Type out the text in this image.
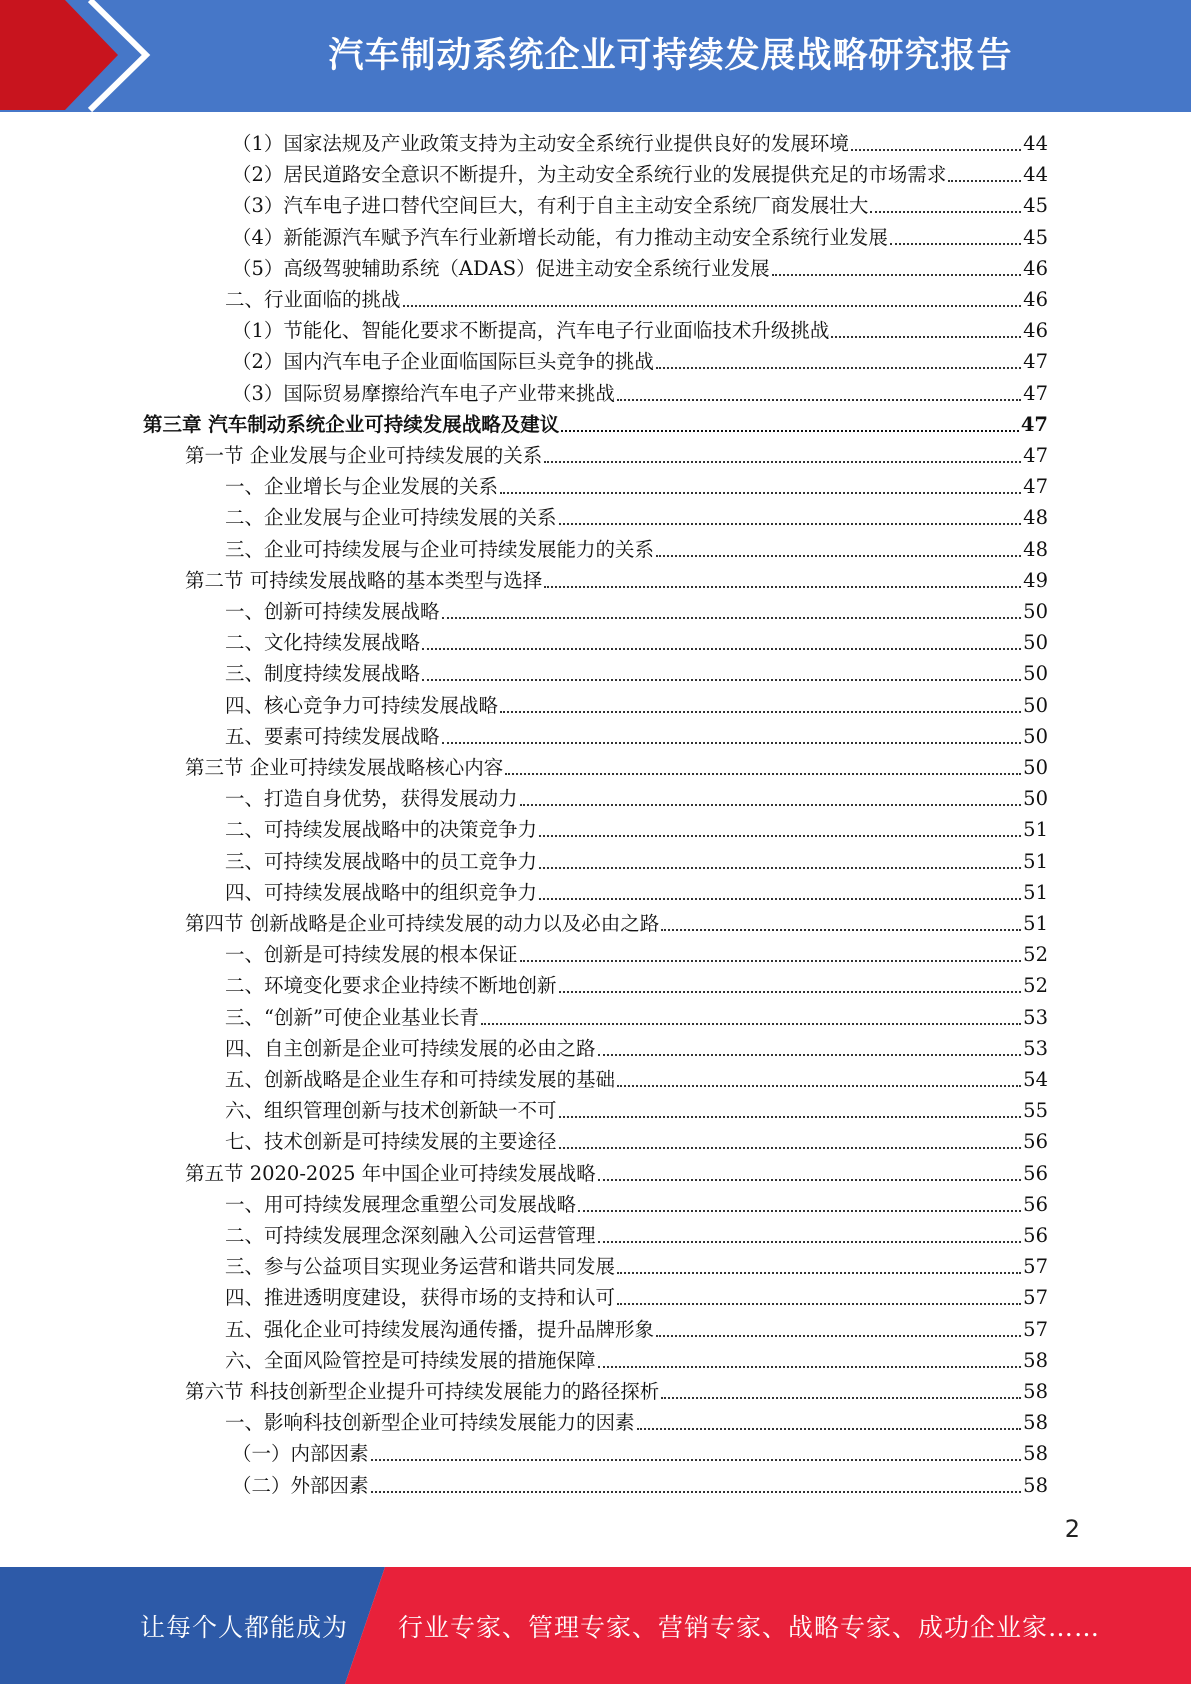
汽车制动系统企业可持续发展战略研究报告
（1）国家法规及产业政策支持为主动安全系统行业提供良好的发展环境	44
（2）居民道路安全意识不断提升，为主动安全系统行业的发展提供充足的市场需求	44
（3）汽车电子进口替代空间巨大，有利于自主主动安全系统厂商发展壮大	45
（4）新能源汽车赋予汽车行业新增长动能，有力推动主动安全系统行业发展	45
（5）高级驾驶辅助系统（ADAS）促进主动安全系统行业发展	46
二、行业面临的挑战	46
（1）节能化、智能化要求不断提高，汽车电子行业面临技术升级挑战	46
（2）国内汽车电子企业面临国际巨头竞争的挑战	47
（3）国际贸易摩擦给汽车电子产业带来挑战	47
第三章 汽车制动系统企业可持续发展战略及建议	47
第一节 企业发展与企业可持续发展的关系	47
一、企业增长与企业发展的关系	47
二、企业发展与企业可持续发展的关系	48
三、企业可持续发展与企业可持续发展能力的关系	48
第二节 可持续发展战略的基本类型与选择	49
一、创新可持续发展战略	50
二、文化持续发展战略	50
三、制度持续发展战略	50
四、核心竞争力可持续发展战略	50
五、要素可持续发展战略	50
第三节 企业可持续发展战略核心内容	50
一、打造自身优势，获得发展动力	50
二、可持续发展战略中的决策竞争力	51
三、可持续发展战略中的员工竞争力	51
四、可持续发展战略中的组织竞争力	51
第四节 创新战略是企业可持续发展的动力以及必由之路	51
一、创新是可持续发展的根本保证	52
二、环境变化要求企业持续不断地创新	52
三、“创新”可使企业基业长青	53
四、自主创新是企业可持续发展的必由之路	53
五、创新战略是企业生存和可持续发展的基础	54
六、组织管理创新与技术创新缺一不可	55
七、技术创新是可持续发展的主要途径	56
第五节 2020-2025 年中国企业可持续发展战略	56
一、用可持续发展理念重塑公司发展战略	56
二、可持续发展理念深刻融入公司运营管理	56
三、参与公益项目实现业务运营和谐共同发展	57
四、推进透明度建设，获得市场的支持和认可	57
五、强化企业可持续发展沟通传播，提升品牌形象	57
六、全面风险管控是可持续发展的措施保障	58
第六节 科技创新型企业提升可持续发展能力的路径探析	58
一、影响科技创新型企业可持续发展能力的因素	58
（一）内部因素	58
（二）外部因素	58
2
让每个人都能成为 行业专家、管理专家、营销专家、战略专家、成功企业家……
